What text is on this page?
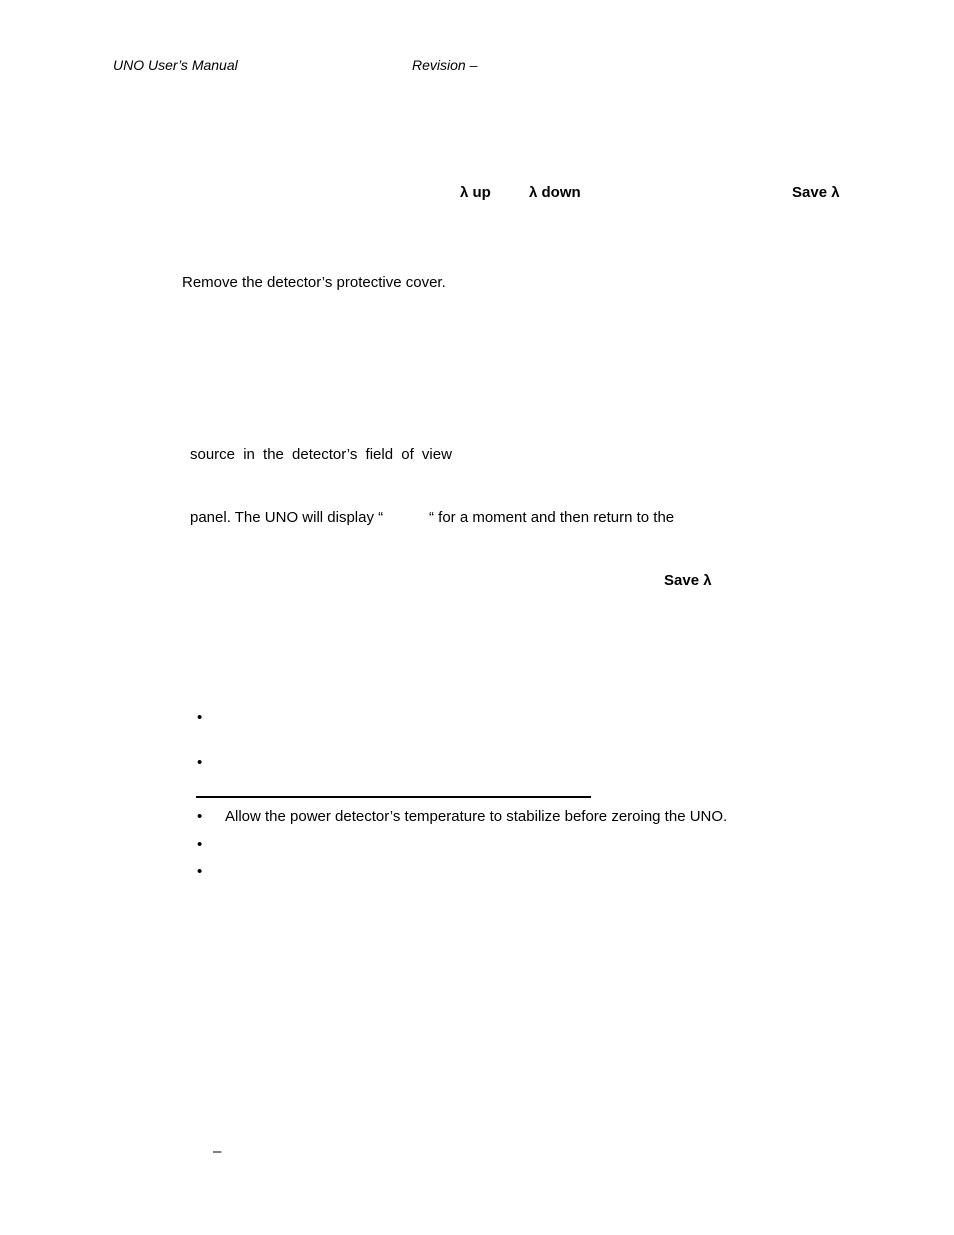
UNO User’s Manual	Revision –
λ up	λ down	Save λ
Remove the detector’s protective cover.
source in the detector’s field of view
panel. The UNO will display “	“ for a moment and then return to the
Save λ
•
•
• Allow the power detector’s temperature to stabilize before zeroing the UNO.
•
•
–
